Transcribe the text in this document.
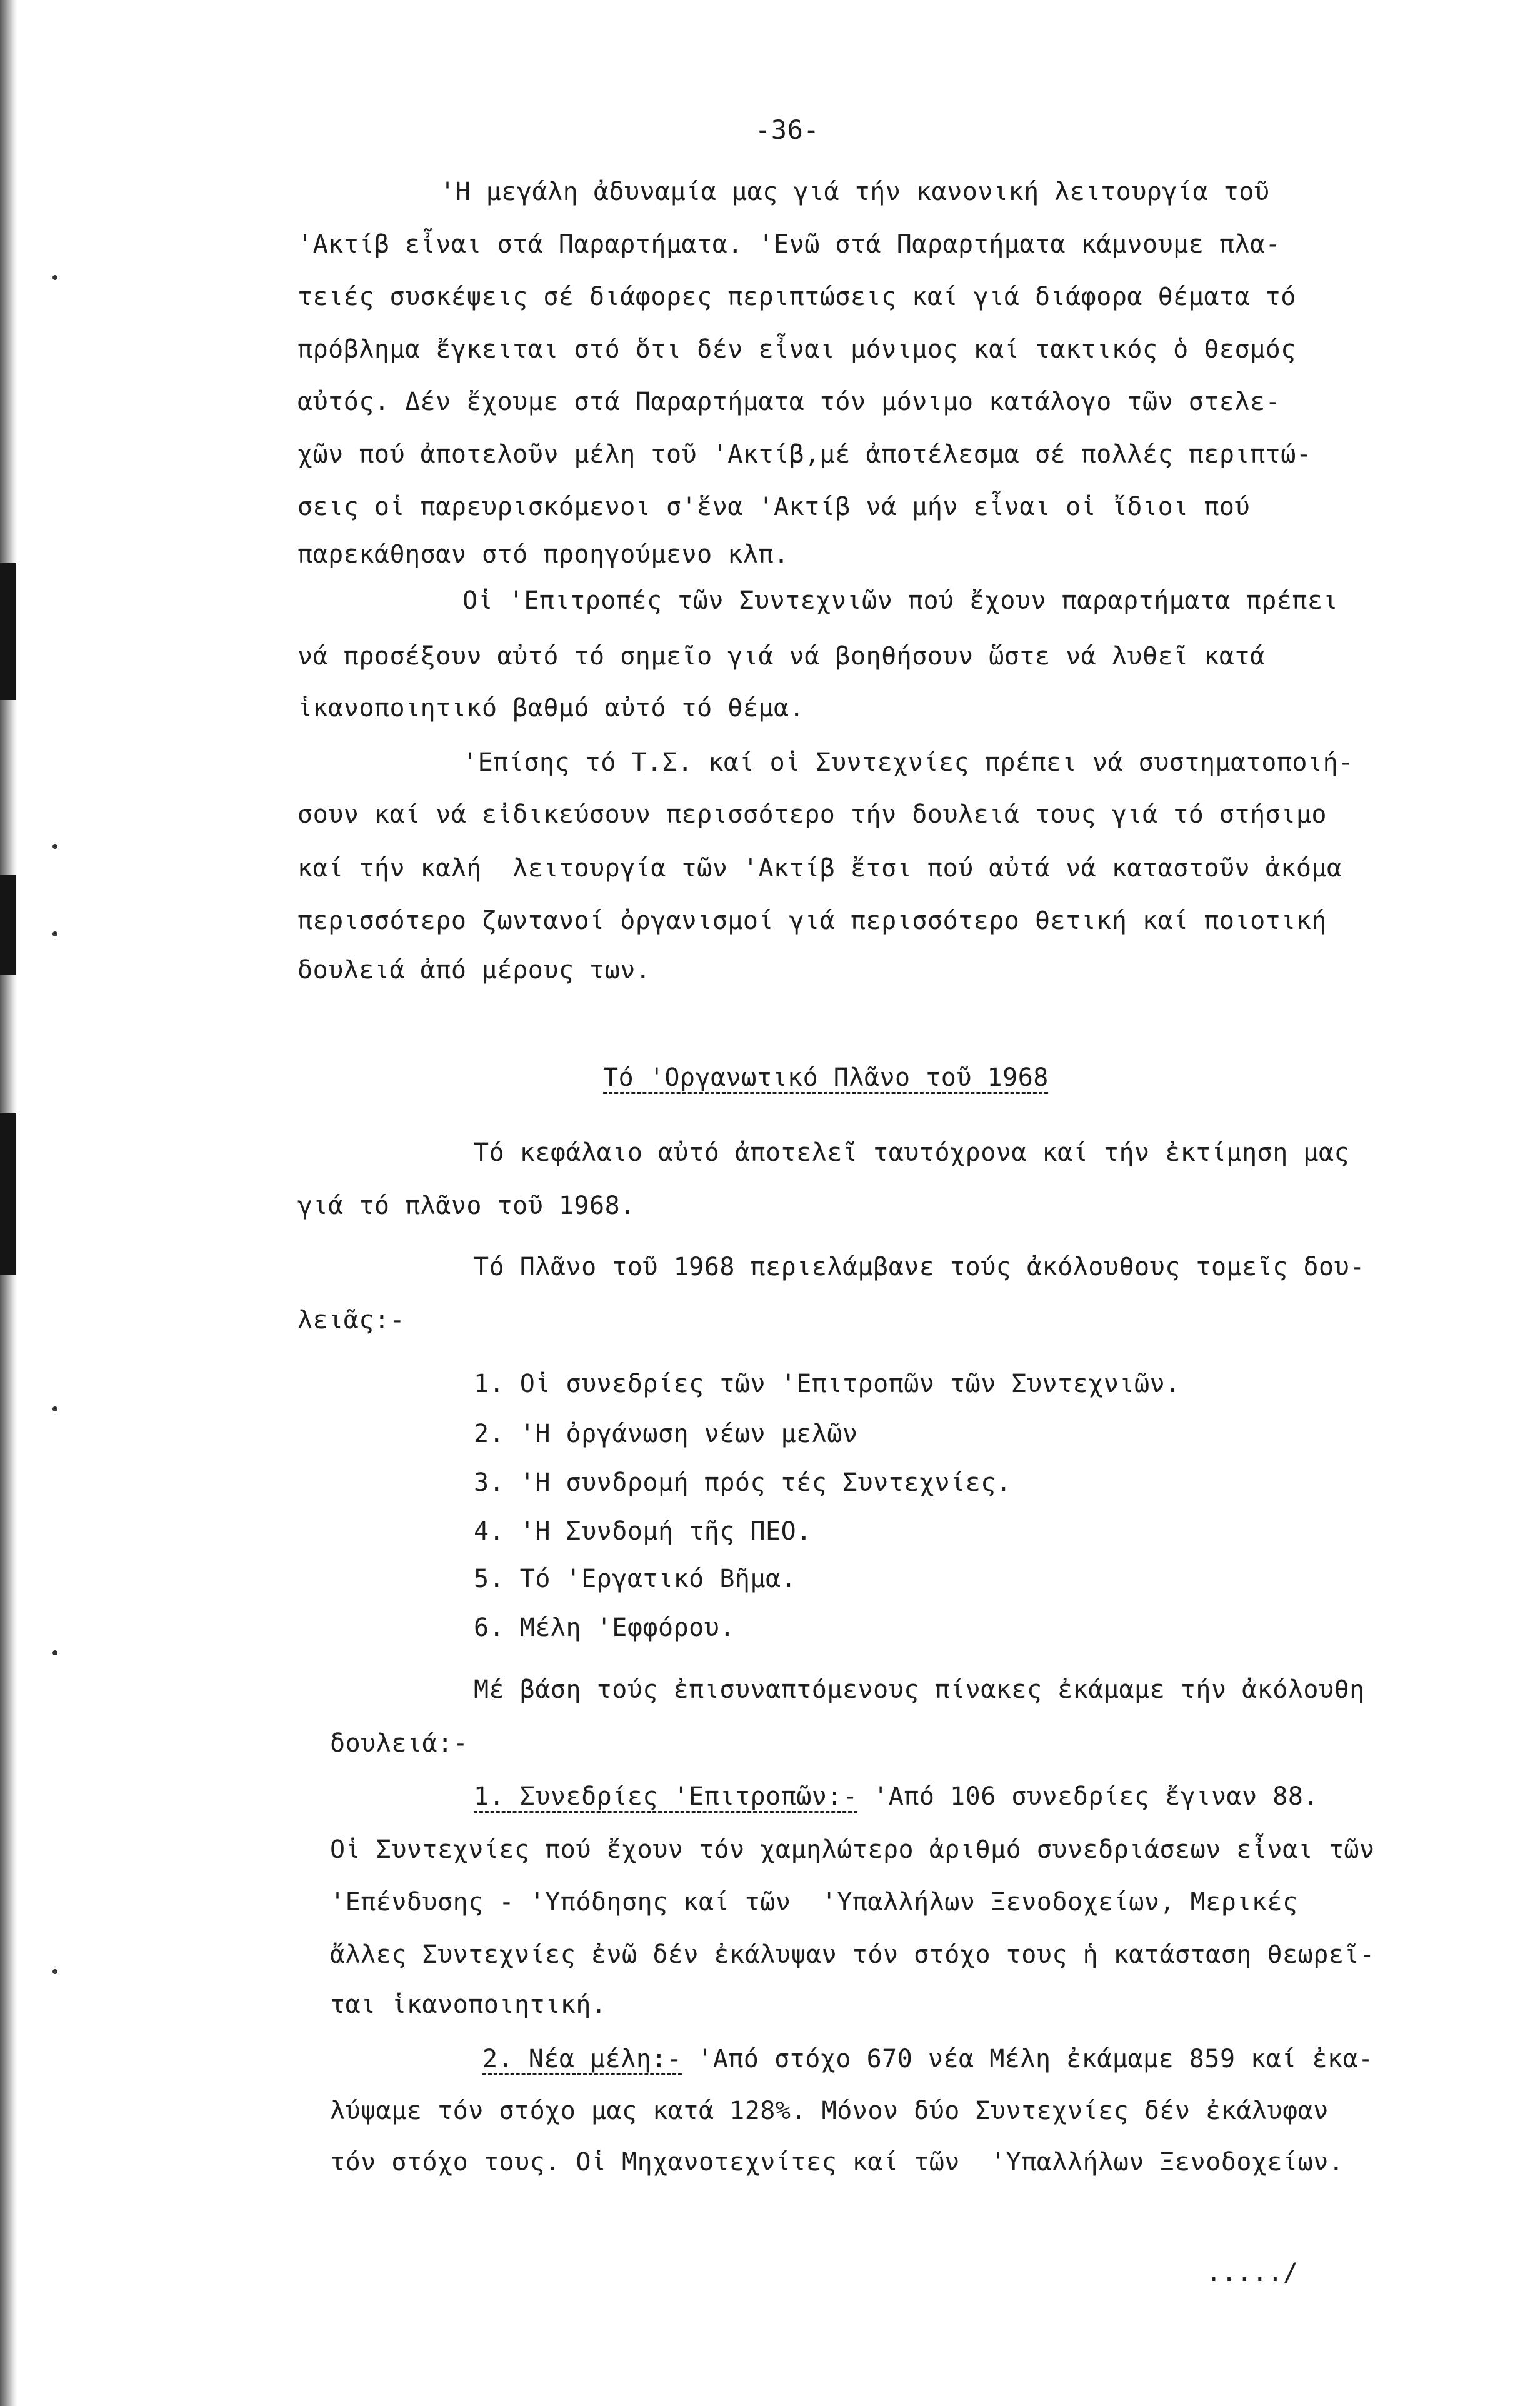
-36-
'Η μεγάλη ἀδυναμία μας γιά τήν κανονική λειτουργία τοῦ
'Ακτίβ εἶναι στά Παραρτήματα. 'Ενῶ στά Παραρτήματα κάμνουμε πλα-
τειές συσκέψεις σέ διάφορες περιπτώσεις καί γιά διάφορα θέματα τό
πρόβλημα ἔγκειται στό ὅτι δέν εἶναι μόνιμος καί τακτικός ὁ θεσμός
αὐτός. Δέν ἔχουμε στά Παραρτήματα τόν μόνιμο κατάλογο τῶν στελε-
χῶν πού ἀποτελοῦν μέλη τοῦ 'Ακτίβ,μέ ἀποτέλεσμα σέ πολλές περιπτώ-
σεις οἱ παρευρισκόμενοι σ'ἕνα 'Ακτίβ νά μήν εἶναι οἱ ἴδιοι πού
παρεκάθησαν στό προηγούμενο κλπ.
Οἱ 'Επιτροπές τῶν Συντεχνιῶν πού ἔχουν παραρτήματα πρέπει
νά προσέξουν αὐτό τό σημεῖο γιά νά βοηθήσουν ὥστε νά λυθεῖ κατά
ἱκανοποιητικό βαθμό αὐτό τό θέμα.
'Επίσης τό Τ.Σ. καί οἱ Συντεχνίες πρέπει νά συστηματοποιή-
σουν καί νά εἰδικεύσουν περισσότερο τήν δουλειά τους γιά τό στήσιμο
καί τήν καλή  λειτουργία τῶν 'Ακτίβ ἔτσι πού αὐτά νά καταστοῦν ἀκόμα
περισσότερο ζωντανοί ὀργανισμοί γιά περισσότερο θετική καί ποιοτική
δουλειά ἀπό μέρους των.
Τό 'Οργανωτικό Πλᾶνο τοῦ 1968
Τό κεφάλαιο αὐτό ἀποτελεῖ ταυτόχρονα καί τήν ἐκτίμηση μας
γιά τό πλᾶνο τοῦ 1968.
Τό Πλᾶνο τοῦ 1968 περιελάμβανε τούς ἀκόλουθους τομεῖς δου-
λειᾶς:-
1. Οἱ συνεδρίες τῶν 'Επιτροπῶν τῶν Συντεχνιῶν.
2. 'Η ὀργάνωση νέων μελῶν
3. 'Η συνδρομή πρός τές Συντεχνίες.
4. 'Η Συνδομή τῆς ΠΕΟ.
5. Τό 'Εργατικό Βῆμα.
6. Μέλη 'Εφφόρου.
Μέ βάση τούς ἐπισυναπτόμενους πίνακες ἐκάμαμε τήν ἀκόλουθη
δουλειά:-
1. Συνεδρίες 'Επιτροπῶν:- 'Από 106 συνεδρίες ἔγιναν 88.
Οἱ Συντεχνίες πού ἔχουν τόν χαμηλώτερο ἀριθμό συνεδριάσεων εἶναι τῶν
'Επένδυσης - 'Υπόδησης καί τῶν  'Υπαλλήλων Ξενοδοχείων, Μερικές
ἄλλες Συντεχνίες ἐνῶ δέν ἐκάλυψαν τόν στόχο τους ἡ κατάσταση θεωρεῖ-
ται ἱκανοποιητική.
2. Νέα μέλη:- 'Από στόχο 670 νέα Μέλη ἐκάμαμε 859 καί ἐκα-
λύψαμε τόν στόχο μας κατά 128%. Μόνον δύο Συντεχνίες δέν ἐκάλυφαν
τόν στόχο τους. Οἱ Μηχανοτεχνίτες καί τῶν  'Υπαλλήλων Ξενοδοχείων.
...../
